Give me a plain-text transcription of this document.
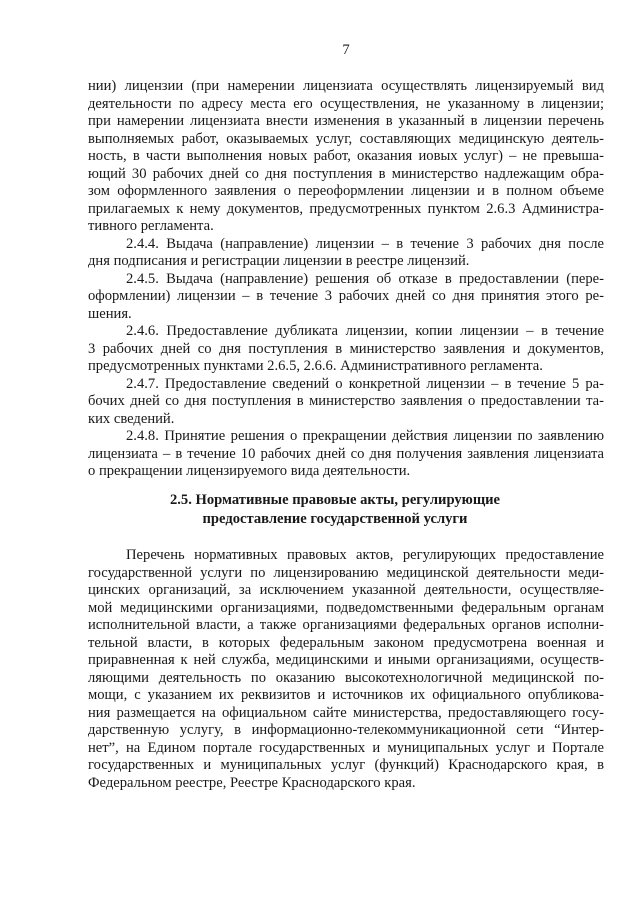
7
нии) лицензии (при намерении лицензиата осуществлять лицензируемый вид
деятельности по адресу места его осуществления, не указанному в лицензии;
при намерении лицензиата внести изменения в указанный в лицензии перечень
выполняемых работ, оказываемых услуг, составляющих медицинскую деятель-
ность, в части выполнения новых работ, оказания иовых услуг) – не превыша-
ющий 30 рабочих дней со дня поступления в министерство надлежащим обра-
зом оформленного заявления о переоформлении лицензии и в полном объеме
прилагаемых к нему документов, предусмотренных пунктом 2.6.3 Администра-
тивного регламента.
2.4.4. Выдача (направление) лицензии – в течение 3 рабочих дня после
дня подписания и регистрации лицензии в реестре лицензий.
2.4.5. Выдача (направление) решения об отказе в предоставлении (пере-
оформлении) лицензии – в течение 3 рабочих дней со дня принятия этого ре-
шения.
2.4.6. Предоставление дубликата лицензии, копии лицензии – в течение
3 рабочих дней со дня поступления в министерство заявления и документов,
предусмотренных пунктами 2.6.5, 2.6.6. Административного регламента.
2.4.7. Предоставление сведений о конкретной лицензии – в течение 5 ра-
бочих дней со дня поступления в министерство заявления о предоставлении та-
ких сведений.
2.4.8. Принятие решения о прекращении действия лицензии по заявлению
лицензиата – в течение 10 рабочих дней со дня получения заявления лицензиата
о прекращении лицензируемого вида деятельности.
2.5. Нормативные правовые акты, регулирующие
предоставление государственной услуги
Перечень нормативных правовых актов, регулирующих предоставление
государственной услуги по лицензированию медицинской деятельности меди-
цинских организаций, за исключением указанной деятельности, осуществляе-
мой медицинскими организациями, подведомственными федеральным органам
исполнительной власти, а также организациями федеральных органов исполни-
тельной власти, в которых федеральным законом предусмотрена военная и
приравненная к ней служба, медицинскими и иными организациями, осуществ-
ляющими деятельность по оказанию высокотехнологичной медицинской по-
мощи, с указанием их реквизитов и источников их официального опубликова-
ния размещается на официальном сайте министерства, предоставляющего госу-
дарственную услугу, в информационно-телекоммуникационной сети “Интер-
нет”, на Едином портале государственных и муниципальных услуг и Портале
государственных и муниципальных услуг (функций) Краснодарского края, в
Федеральном реестре, Реестре Краснодарского края.
